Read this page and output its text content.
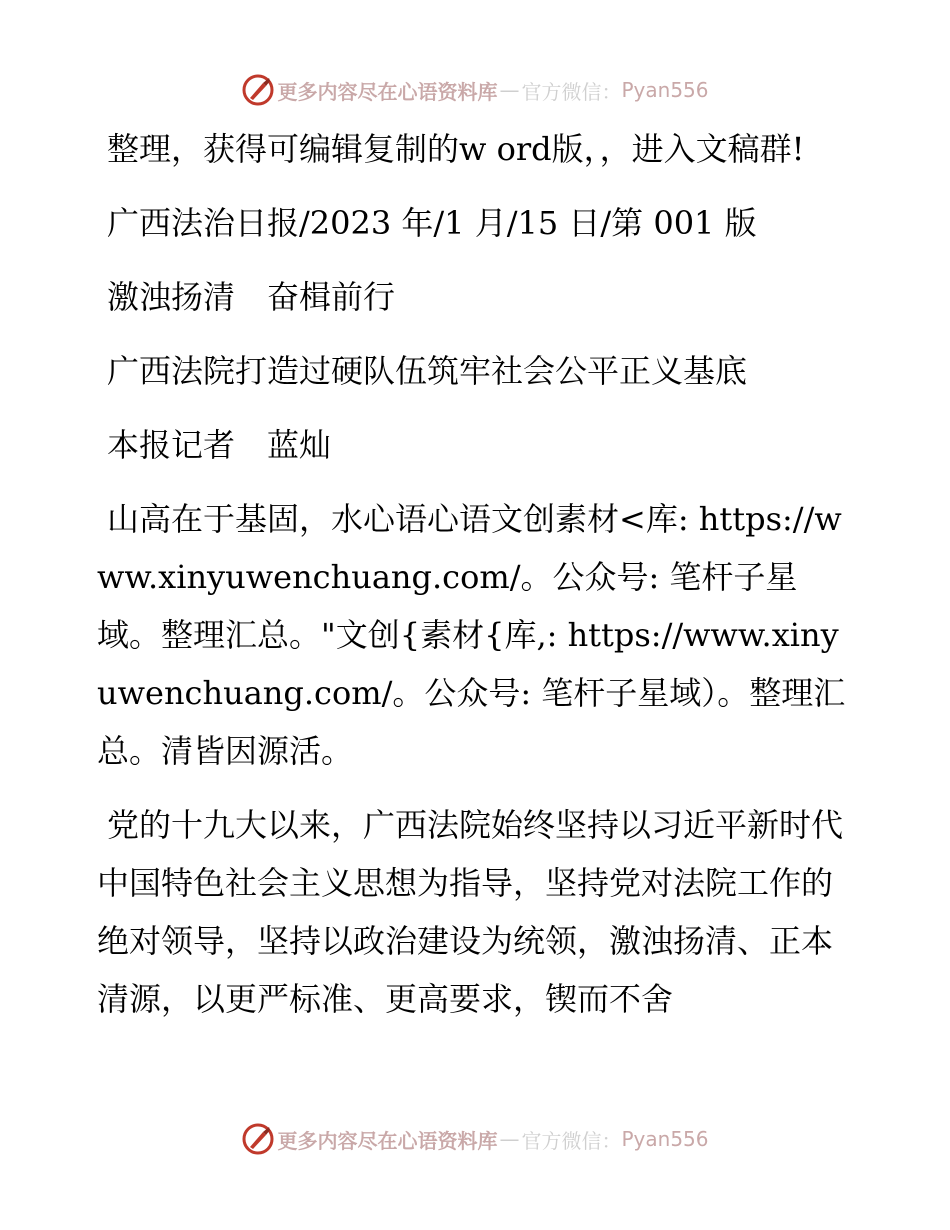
更多内容尽在心语资料库 — 官方微信： Pyan556

整理，获得可编辑复制的w ord版，，进入文稿群!

广西法治日报/2023 年/1 月/15 日/第 001 版

激浊扬清　奋楫前行

广西法院打造过硬队伍筑牢社会公平正义基底

本报记者　蓝灿

山高在于基固，水心语心语文创素材<库: https://www.xinyuwenchuang.com/。公众号: 笔杆子星域。整理汇总。"文创{素材{库,: https://www.xinyuwenchuang.com/。公众号: 笔杆子星域）。整理汇总。清皆因源活。

党的十九大以来，广西法院始终坚持以习近平新时代中国特色社会主义思想为指导，坚持党对法院工作的绝对领导，坚持以政治建设为统领，激浊扬清、正本清源，以更严标准、更高要求，锲而不舍

更多内容尽在心语资料库 — 官方微信： Pyan556
